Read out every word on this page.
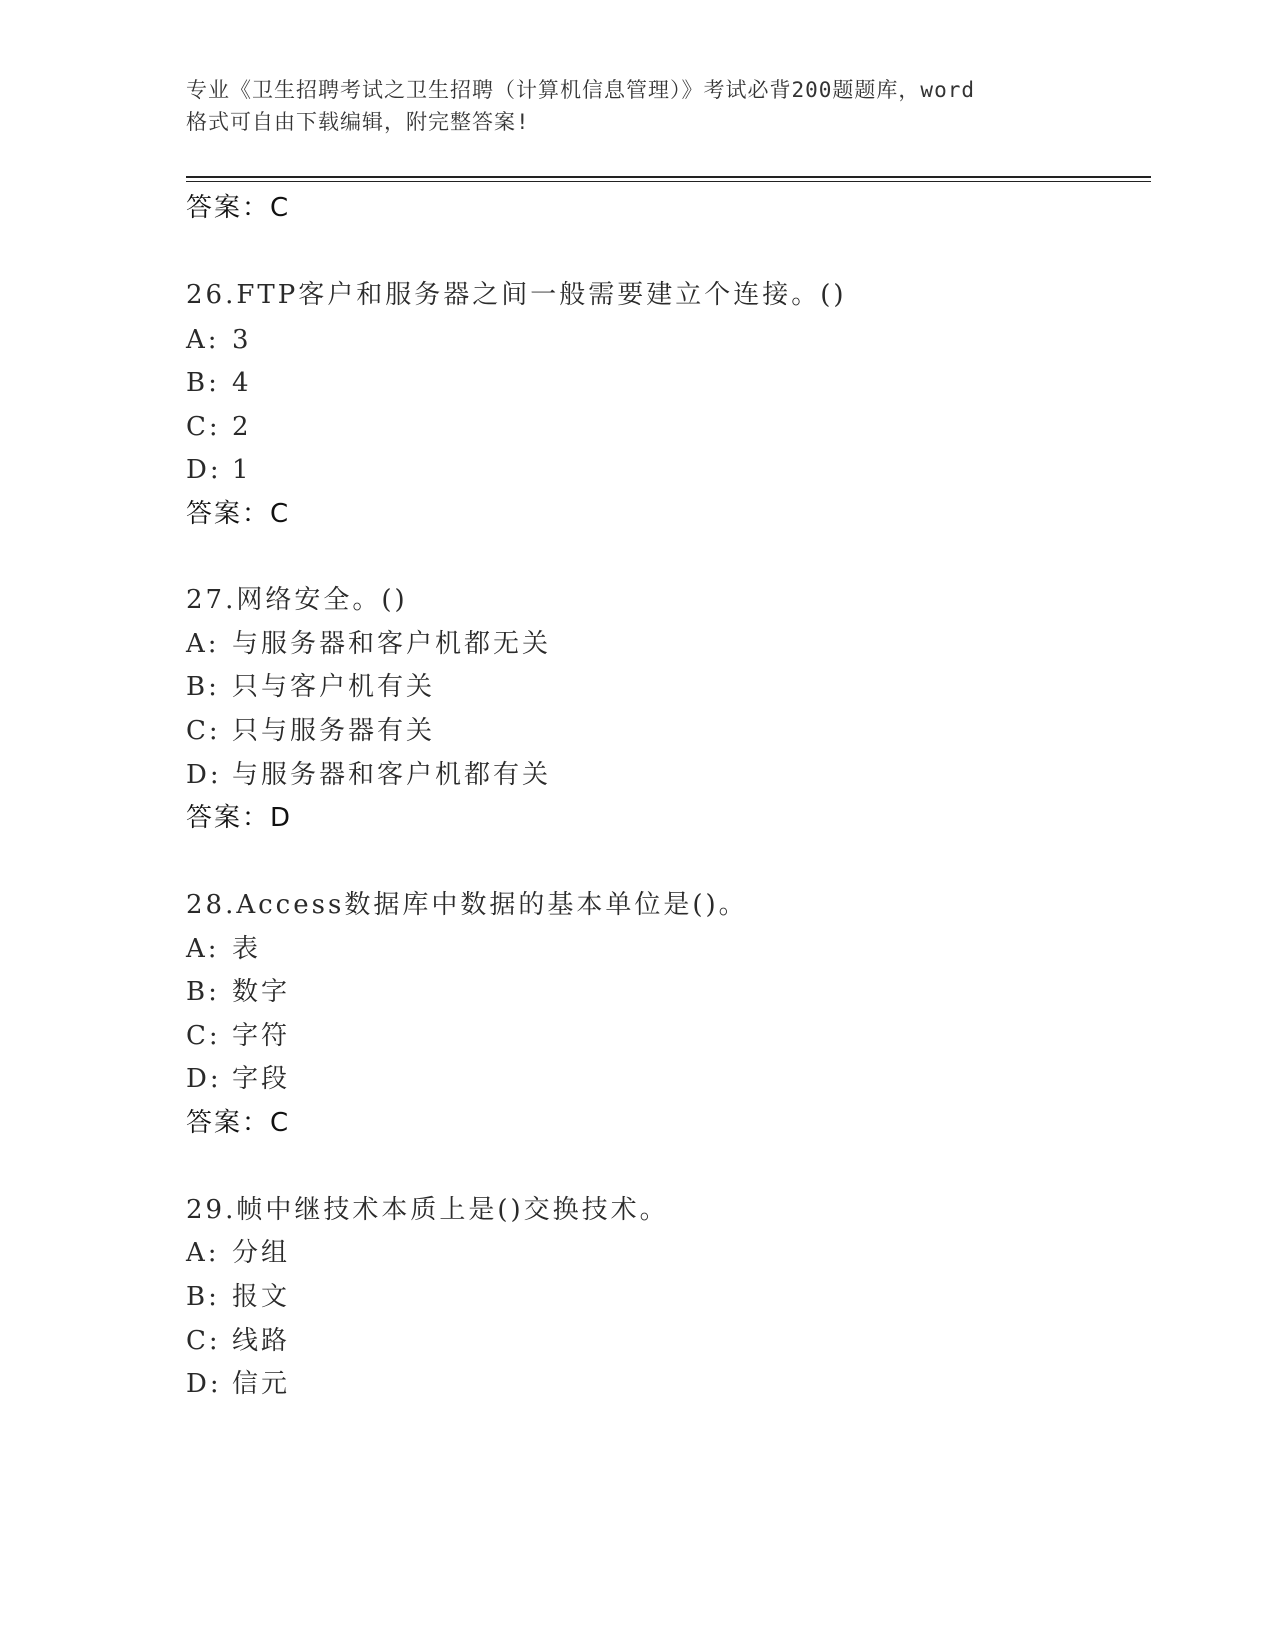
专业《卫生招聘考试之卫生招聘（计算机信息管理）》考试必背200题题库，word
格式可自由下载编辑，附完整答案!
答案：C
26.FTP客户和服务器之间一般需要建立个连接。()
A: 3
B: 4
C: 2
D: 1
答案：C
27.网络安全。()
A: 与服务器和客户机都无关
B: 只与客户机有关
C: 只与服务器有关
D: 与服务器和客户机都有关
答案：D
28.Access数据库中数据的基本单位是()。
A: 表
B: 数字
C: 字符
D: 字段
答案：C
29.帧中继技术本质上是()交换技术。
A: 分组
B: 报文
C: 线路
D: 信元
